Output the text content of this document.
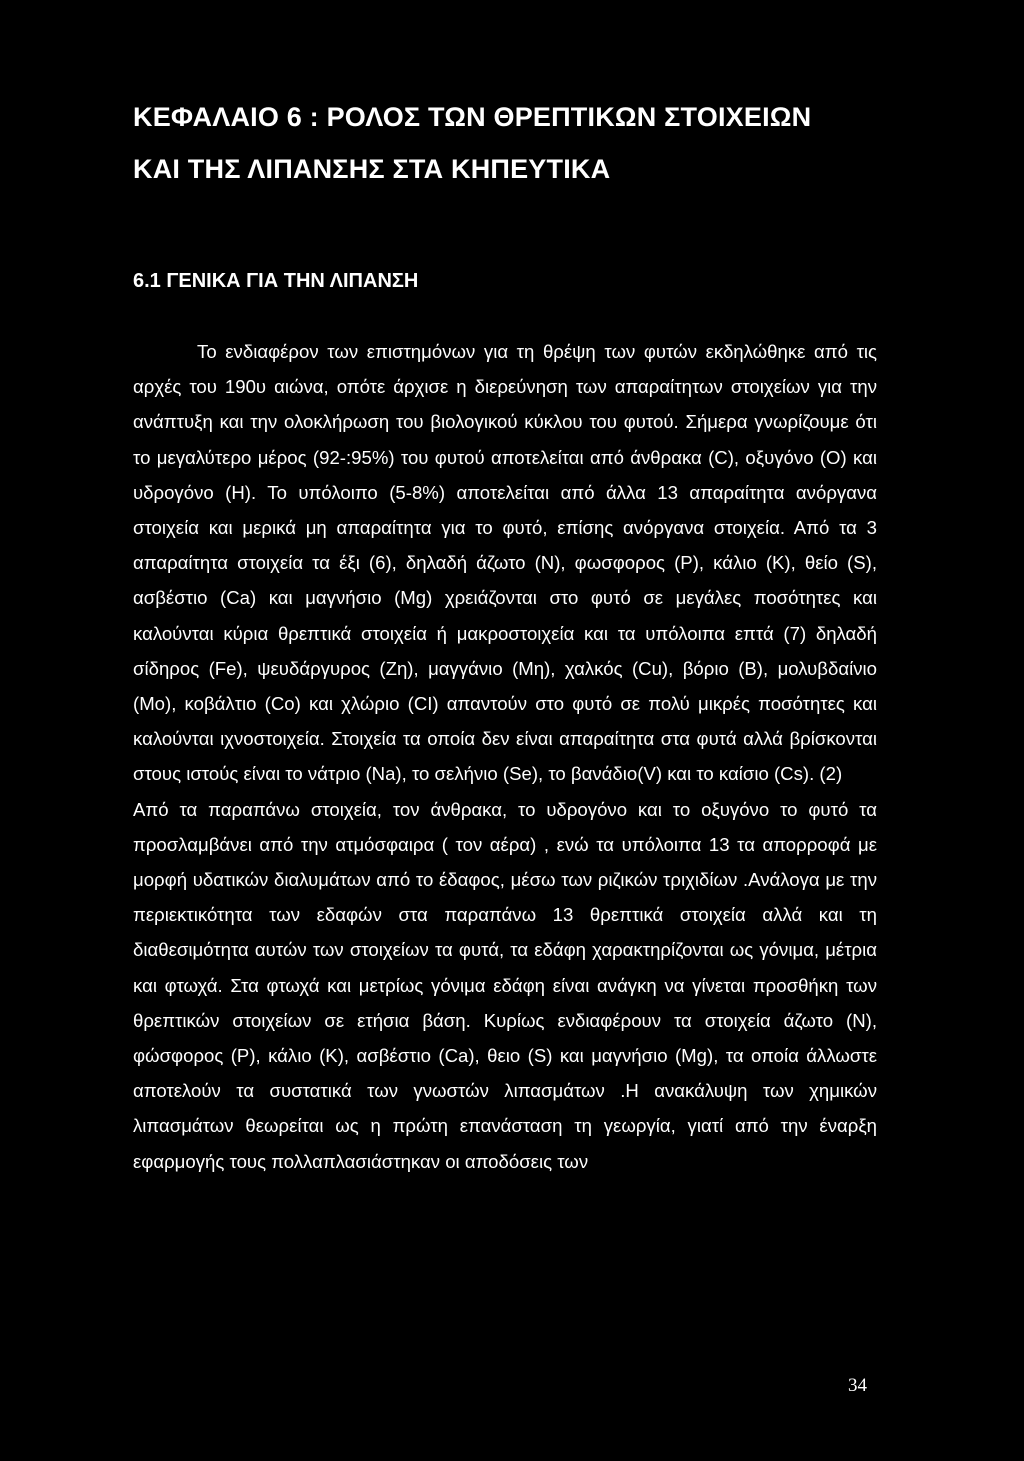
ΚΕΦΑΛΑΙΟ 6 : ΡΟΛΟΣ ΤΩΝ ΘΡΕΠΤΙΚΩΝ ΣΤΟΙΧΕΙΩΝ
ΚΑΙ ΤΗΣ ΛΙΠΑΝΣΗΣ ΣΤΑ ΚΗΠΕΥΤΙΚΑ
6.1 ΓΕΝΙΚΑ ΓΙΑ ΤΗΝ ΛΙΠΑΝΣΗ

Το ενδιαφέρον των επιστημόνων για τη θρέψη των φυτών εκδηλώθηκε από τις αρχές του 190υ αιώνα, οπότε άρχισε η διερεύνηση των απαραίτητων στοιχείων για την ανάπτυξη και την ολοκλήρωση του βιολογικού κύκλου του φυτού. Σήμερα γνωρίζουμε ότι το μεγαλύτερο μέρος (92-:95%) του φυτού αποτελείται από άνθρακα (C), οξυγόνο (Ο) και υδρογόνο (Η). Το υπόλοιπο (5-8%) αποτελείται από άλλα 13 απαραίτητα ανόργανα στοιχεία και μερικά μη απαραίτητα για το φυτό, επίσης ανόργανα στοιχεία. Από τα 3 απαραίτητα στοιχεία τα έξι (6), δηλαδή άζωτο (Ν), φωσφορος (Ρ), κάλιο (Κ), θείο (S), ασβέστιο (Ca) και μαγνήσιο (Mg) χρειάζονται στο φυτό σε μεγάλες ποσότητες και καλούνται κύρια θρεπτικά στοιχεία ή μακροστοιχεία και τα υπόλοιπα επτά (7) δηλαδή σίδηρος (Fe), ψευδάργυρος (Ζη), μαγγάνιο (Μη), χαλκός (Cu), βόριο (Β), μολυβδαίνιο (Mo), κοβάλτιο (Co) και χλώριο (CI) απαντούν στο φυτό σε πολύ μικρές ποσότητες και καλούνται ιχνοστοιχεία. Στοιχεία τα οποία δεν είναι απαραίτητα στα φυτά αλλά βρίσκονται στους ιστούς είναι το νάτριο (Na), το σελήνιο (Se), το βανάδιο(V) και το καίσιο (Cs). (2)

Από τα παραπάνω στοιχεία, τον άνθρακα, το υδρογόνο και το οξυγόνο το φυτό τα προσλαμβάνει από την ατμόσφαιρα ( τον αέρα) , ενώ τα υπόλοιπα 13 τα απορροφά με μορφή υδατικών διαλυμάτων από το έδαφος, μέσω των ριζικών τριχιδίων .Ανάλογα με την περιεκτικότητα των εδαφών στα παραπάνω 13 θρεπτικά στοιχεία αλλά και τη διαθεσιμότητα αυτών των στοιχείων τα φυτά, τα εδάφη χαρακτηρίζονται ως γόνιμα, μέτρια και φτωχά. Στα φτωχά και μετρίως γόνιμα εδάφη είναι ανάγκη να γίνεται προσθήκη των θρεπτικών στοιχείων σε ετήσια βάση. Κυρίως ενδιαφέρουν τα στοιχεία άζωτο (Ν), φώσφορος (Ρ), κάλιο (Κ), ασβέστιο (Ca), θειο (S) και μαγνήσιο (Mg), τα οποία άλλωστε αποτελούν τα συστατικά των γνωστών λιπασμάτων .Η ανακάλυψη των χημικών λιπασμάτων θεωρείται ως η πρώτη επανάσταση τη γεωργία, γιατί από την έναρξη εφαρμογής τους πολλαπλασιάστηκαν οι αποδόσεις των

34
